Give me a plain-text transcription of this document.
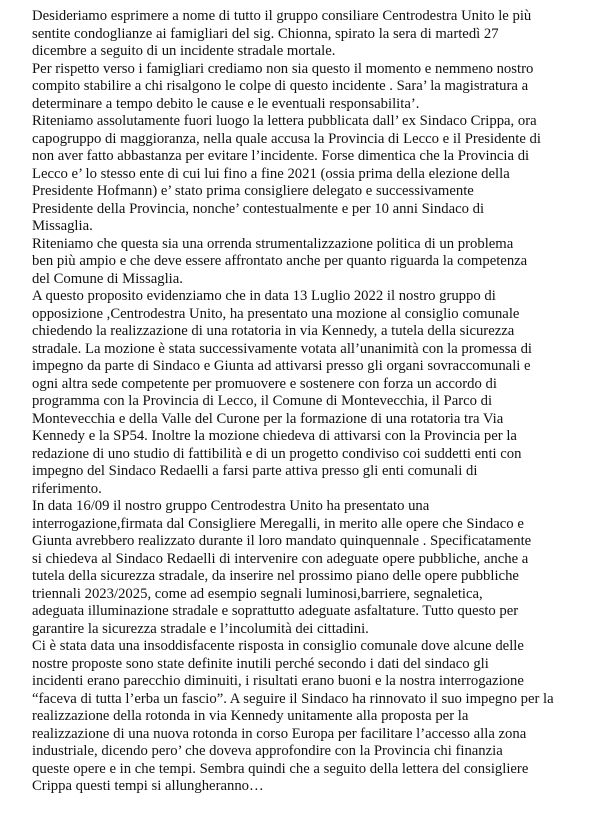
Desideriamo esprimere a nome di tutto il gruppo consiliare Centrodestra Unito le più
sentite condoglianze ai famigliari del sig. Chionna, spirato la sera di martedì 27
dicembre a seguito di un incidente stradale mortale.

Per rispetto verso i famigliari crediamo non sia questo il momento e nemmeno nostro
compito stabilire a chi risalgono le colpe di questo incidente . Sara’ la magistratura a
determinare a tempo debito le cause e le eventuali responsabilita’.

Riteniamo assolutamente fuori luogo la lettera pubblicata dall’ ex Sindaco Crippa, ora
capogruppo di maggioranza, nella quale accusa la Provincia di Lecco e il Presidente di
non aver fatto abbastanza per evitare l’incidente. Forse dimentica che la Provincia di
Lecco e’ lo stesso ente di cui lui fino a fine 2021 (ossia prima della elezione della
Presidente Hofmann) e’ stato prima consigliere delegato e successivamente
Presidente della Provincia, nonche’ contestualmente e per 10 anni Sindaco di
Missaglia.

Riteniamo che questa sia una orrenda strumentalizzazione politica di un problema
ben più ampio e che deve essere affrontato anche per quanto riguarda la competenza
del Comune di Missaglia.

A questo proposito evidenziamo che in data 13 Luglio 2022 il nostro gruppo di
opposizione ,Centrodestra Unito, ha presentato una mozione al consiglio comunale
chiedendo la realizzazione di una rotatoria in via Kennedy, a tutela della sicurezza
stradale. La mozione è stata successivamente votata all’unanimità con la promessa di
impegno da parte di Sindaco e Giunta ad attivarsi presso gli organi sovraccomunali e
ogni altra sede competente per promuovere e sostenere con forza un accordo di
programma con la Provincia di Lecco, il Comune di Montevecchia, il Parco di
Montevecchia e della Valle del Curone per la formazione di una rotatoria tra Via
Kennedy e la SP54. Inoltre la mozione chiedeva di attivarsi con la Provincia per la
redazione di uno studio di fattibilità e di un progetto condiviso coi suddetti enti con
impegno del Sindaco Redaelli a farsi parte attiva presso gli enti comunali di
riferimento.

In data 16/09 il nostro gruppo Centrodestra Unito ha presentato una
interrogazione,firmata dal Consigliere Meregalli, in merito alle opere che Sindaco e
Giunta avrebbero realizzato durante il loro mandato quinquennale . Specificatamente
si chiedeva al Sindaco Redaelli di intervenire con adeguate opere pubbliche, anche a
tutela della sicurezza stradale, da inserire nel prossimo piano delle opere pubbliche
triennali 2023/2025, come ad esempio segnali luminosi,barriere, segnaletica,
adeguata illuminazione stradale e soprattutto adeguate asfaltature. Tutto questo per
garantire la sicurezza stradale e l’incolumità dei cittadini.

Ci è stata data una insoddisfacente risposta in consiglio comunale dove alcune delle
nostre proposte sono state definite inutili perché secondo i dati del sindaco gli
incidenti erano parecchio diminuiti, i risultati erano buoni e la nostra interrogazione
“faceva di tutta l’erba un fascio”. A seguire il Sindaco ha rinnovato il suo impegno per la
realizzazione della rotonda in via Kennedy unitamente alla proposta per la
realizzazione di una nuova rotonda in corso Europa per facilitare l’accesso alla zona
industriale, dicendo pero’ che doveva approfondire con la Provincia chi finanzia
queste opere e in che tempi. Sembra quindi che a seguito della lettera del consigliere
Crippa questi tempi si allungheranno…
